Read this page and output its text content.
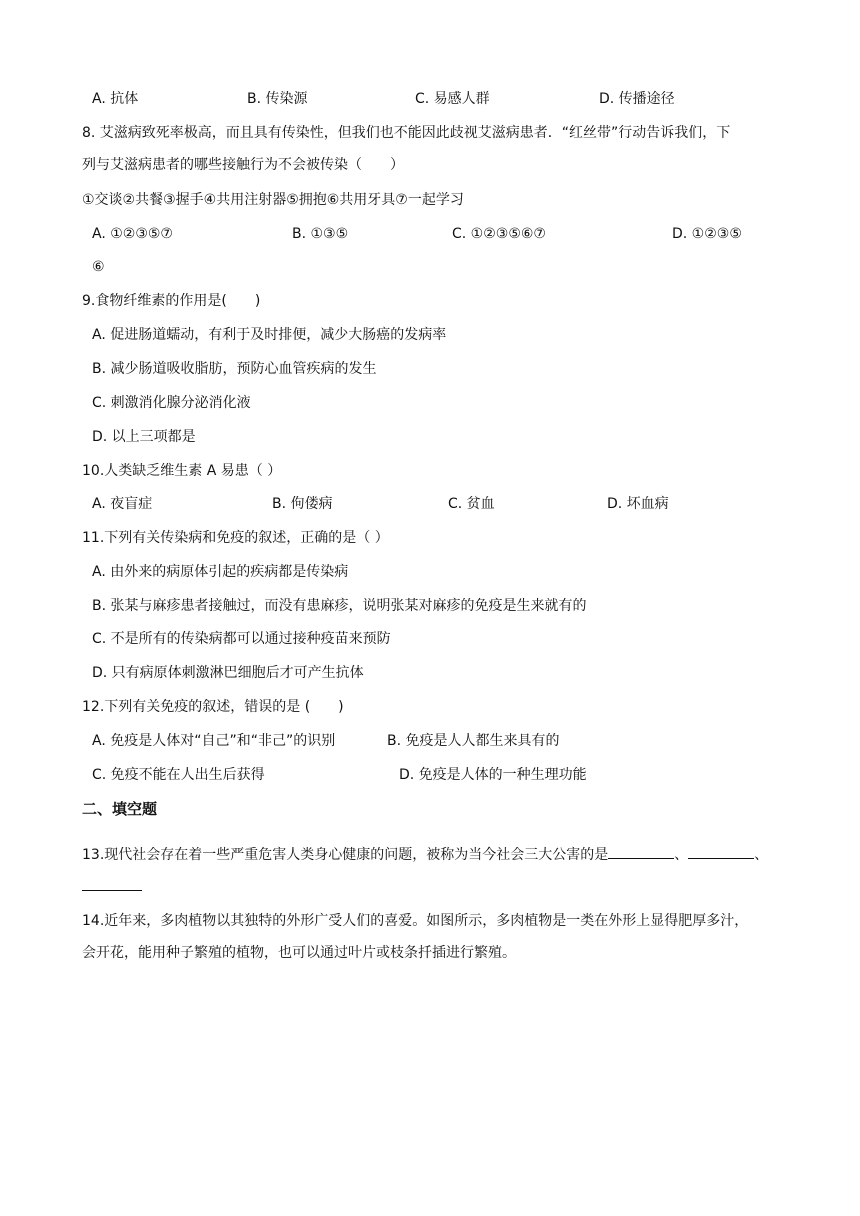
A. 抗体	B. 传染源	C. 易感人群	D. 传播途径
8. 艾滋病致死率极高，而且具有传染性，但我们也不能因此歧视艾滋病患者．“红丝带”行动告诉我们，下
列与艾滋病患者的哪些接触行为不会被传染（　　）
①交谈②共餐③握手④共用注射器⑤拥抱⑥共用牙具⑦一起学习
A. ①②③⑤⑦	B. ①③⑤	C. ①②③⑤⑥⑦	D. ①②③⑤
⑥
9.食物纤维素的作用是(　　)
A. 促进肠道蠕动，有利于及时排便，减少大肠癌的发病率
B. 减少肠道吸收脂肪，预防心血管疾病的发生
C. 刺激消化腺分泌消化液
D. 以上三项都是
10.人类缺乏维生素 A 易患（ ）
A. 夜盲症	B. 佝偻病	C. 贫血	D. 坏血病
11.下列有关传染病和免疫的叙述，正确的是（ ）
A. 由外来的病原体引起的疾病都是传染病
B. 张某与麻疹患者接触过，而没有患麻疹，说明张某对麻疹的免疫是生来就有的
C. 不是所有的传染病都可以通过接种疫苗来预防
D. 只有病原体刺激淋巴细胞后才可产生抗体
12.下列有关免疫的叙述，错误的是 (　　)
A. 免疫是人体对“自己”和“非己”的识别	B. 免疫是人人都生来具有的
C. 免疫不能在人出生后获得	D. 免疫是人体的一种生理功能
二、填空题
13.现代社会存在着一些严重危害人类身心健康的问题，被称为当今社会三大公害的是	、	、
14.近年来，多肉植物以其独特的外形广受人们的喜爱。如图所示，多肉植物是一类在外形上显得肥厚多汁，
会开花，能用种子繁殖的植物，也可以通过叶片或枝条扦插进行繁殖。
